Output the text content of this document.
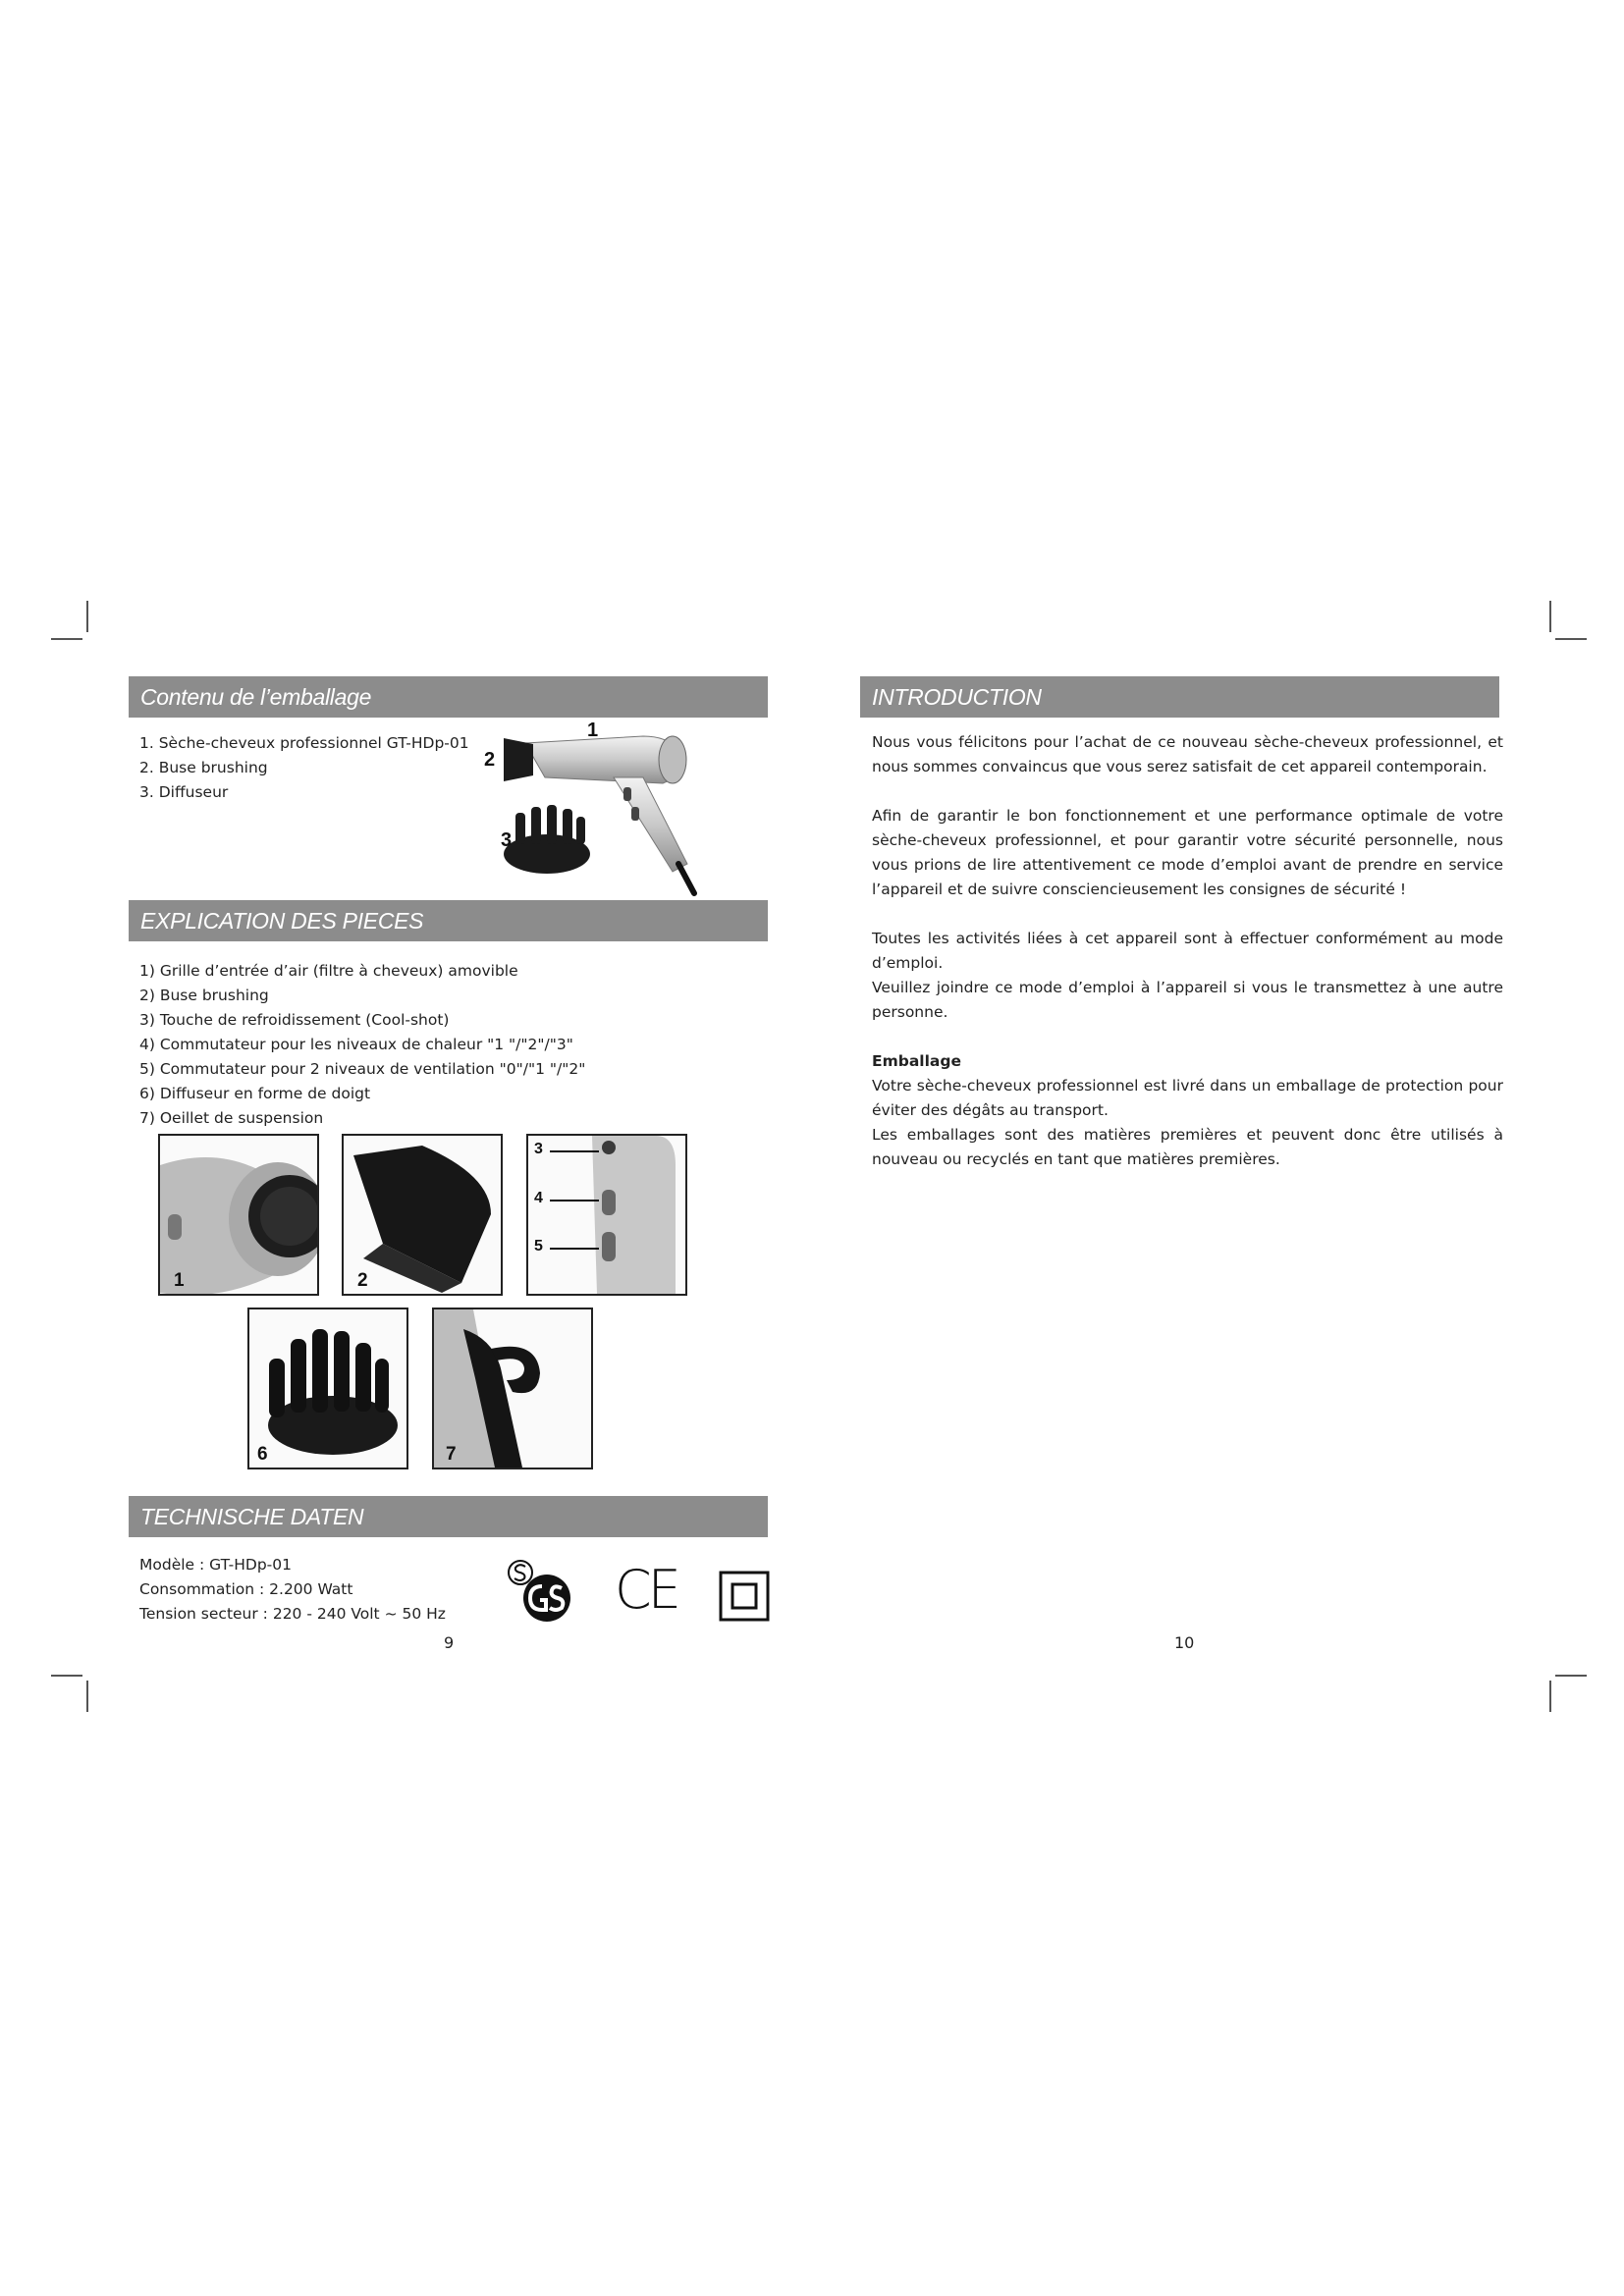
Contenu de l’emballage
1. Sèche-cheveux professionnel GT-HDp-01
2. Buse brushing
3. Diffuseur
1
2
3
EXPLICATION DES PIECES
1) Grille d’entrée d’air (filtre à cheveux) amovible
2) Buse brushing
3) Touche de refroidissement (Cool-shot)
4) Commutateur pour les niveaux de chaleur "1 "/"2"/"3"
5) Commutateur pour 2 niveaux de ventilation "0"/"1 "/"2"
6) Diffuseur en forme de doigt
7) Oeillet de suspension
1	2
3
4
5
6	7
TECHNISCHE DATEN
Modèle : GT-HDp-01
Consommation : 2.200 Watt
Tension secteur : 220 - 240 Volt ~ 50 Hz	CE
9
INTRODUCTION

Nous vous félicitons pour l’achat de ce nouveau sèche-cheveux professionnel, et nous sommes convaincus que vous serez satisfait de cet appareil contemporain.

Afin de garantir le bon fonctionnement et une performance optimale de votre sèche-cheveux professionnel, et pour garantir votre sécurité personnelle, nous vous prions de lire attentivement ce mode d’emploi avant de prendre en service l’appareil et de suivre consciencieusement les consignes de sécurité !

Toutes les activités liées à cet appareil sont à effectuer conformément au mode d’emploi.

Veuillez joindre ce mode d’emploi à l’appareil si vous le transmettez à une autre personne.

Emballage

Votre sèche-cheveux professionnel est livré dans un emballage de protection pour éviter des dégâts au transport.

Les emballages sont des matières premières et peuvent donc être utilisés à nouveau ou recyclés en tant que matières premières.

10
